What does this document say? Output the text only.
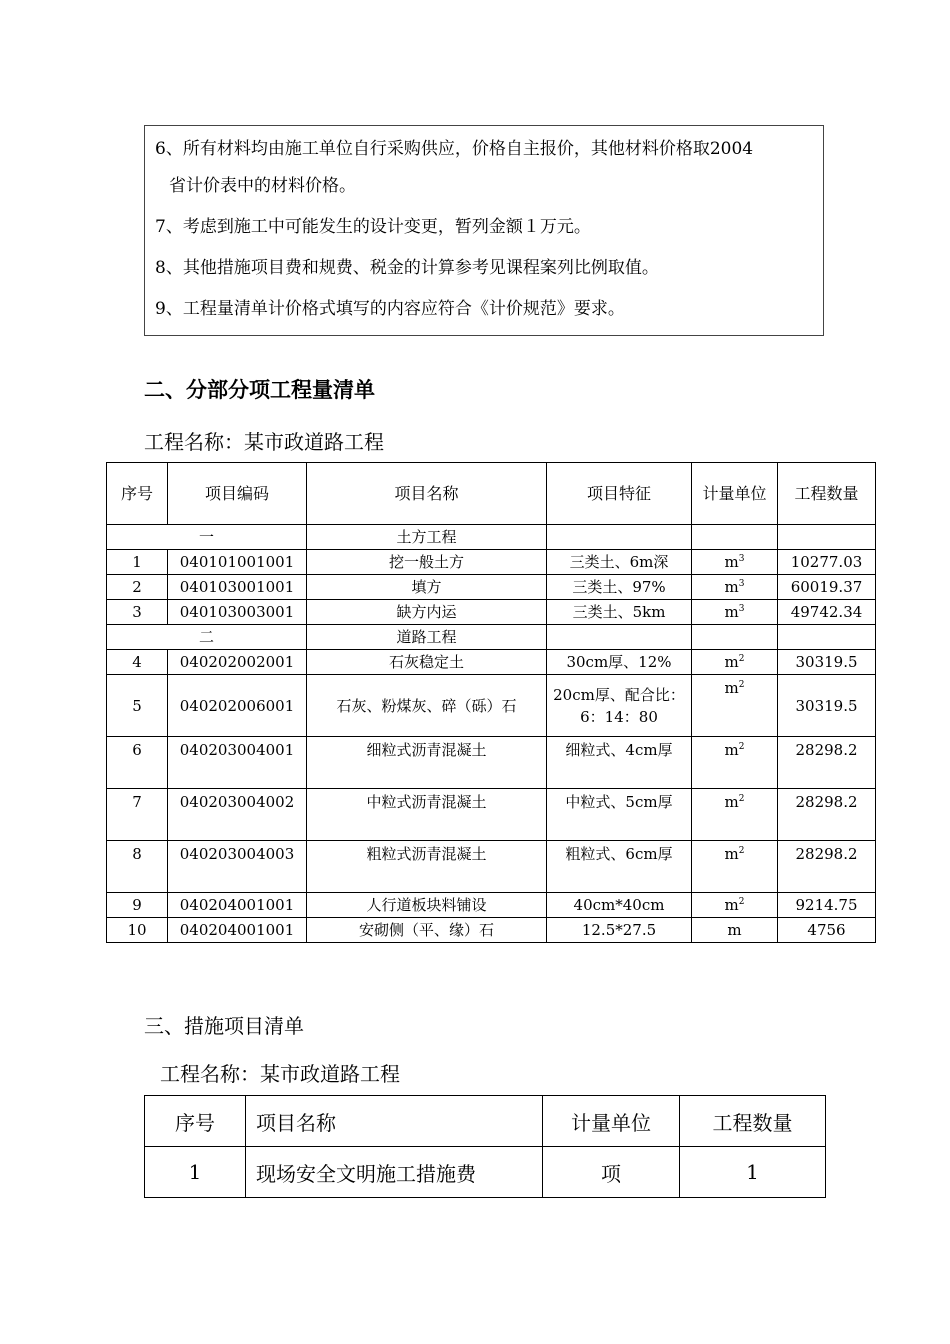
6、所有材料均由施工单位自行采购供应，价格自主报价，其他材料价格取2004

省计价表中的材料价格。

7、考虑到施工中可能发生的设计变更，暂列金额１万元。

8、其他措施项目费和规费、税金的计算参考见课程案列比例取值。

9、工程量清单计价格式填写的内容应符合《计价规范》要求。

二、分部分项工程量清单
工程名称：某市政道路工程
序号	项目编码	项目名称	项目特征	计量单位	工程数量
一		土方工程			
1	040101001001	挖一般土方	三类土、6m深	$m^3$	10277.03
2	040103001001	填方	三类土、97%	$m^3$	60019.37
3	040103003001	缺方内运	三类土、5km	$m^3$	49742.34
二		道路工程			
4	040202002001	石灰稳定土	30cm厚、12%	$m^2$	30319.5
5	040202006001	石灰、粉煤灰、碎（砾）石	20cm厚、配合比：6：14：80	$m^2$	30319.5
6	040203004001	细粒式沥青混凝土	细粒式、4cm厚	$m^2$	28298.2
7	040203004002	中粒式沥青混凝土	中粒式、5cm厚	$m^2$	28298.2
8	040203004003	粗粒式沥青混凝土	粗粒式、6cm厚	$m^2$	28298.2
9	040204001001	人行道板块料铺设	40cm*40cm	$m^2$	9214.75
10	040204001001	安砌侧（平、缘）石	12.5*27.5	m	4756
三、措施项目清单
工程名称：某市政道路工程
序号	项目名称	计量单位	工程数量
1	现场安全文明施工措施费	项	1
